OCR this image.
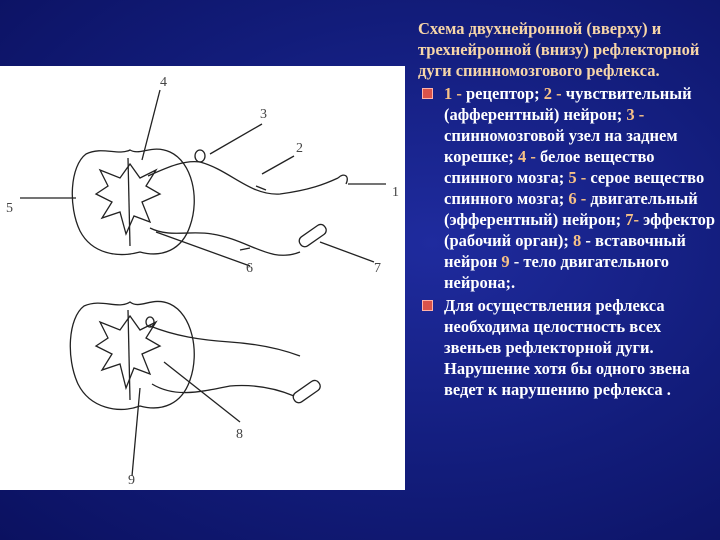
4
3
2
1
5
6	7
8
9
Схема двухнейронной (вверху) и трехнейронной (внизу) рефлекторной дуги спинномозгового рефлекса.
1 - рецептор; 2 - чувствительный (афферентный) нейрон; 3 - спинномозговой узел на заднем корешке; 4 - белое вещество спинного мозга; 5 - серое вещество спинного мозга; 6 - двигательный (эфферентный) нейрон; 7- эффектор (рабочий орган); 8 - вставочный нейрон 9 - тело двигательного нейрона;.
Для осуществления рефлекса необходима целостность всех звеньев рефлекторной дуги. Нарушение хотя бы одного звена ведет к нарушению рефлекса .
